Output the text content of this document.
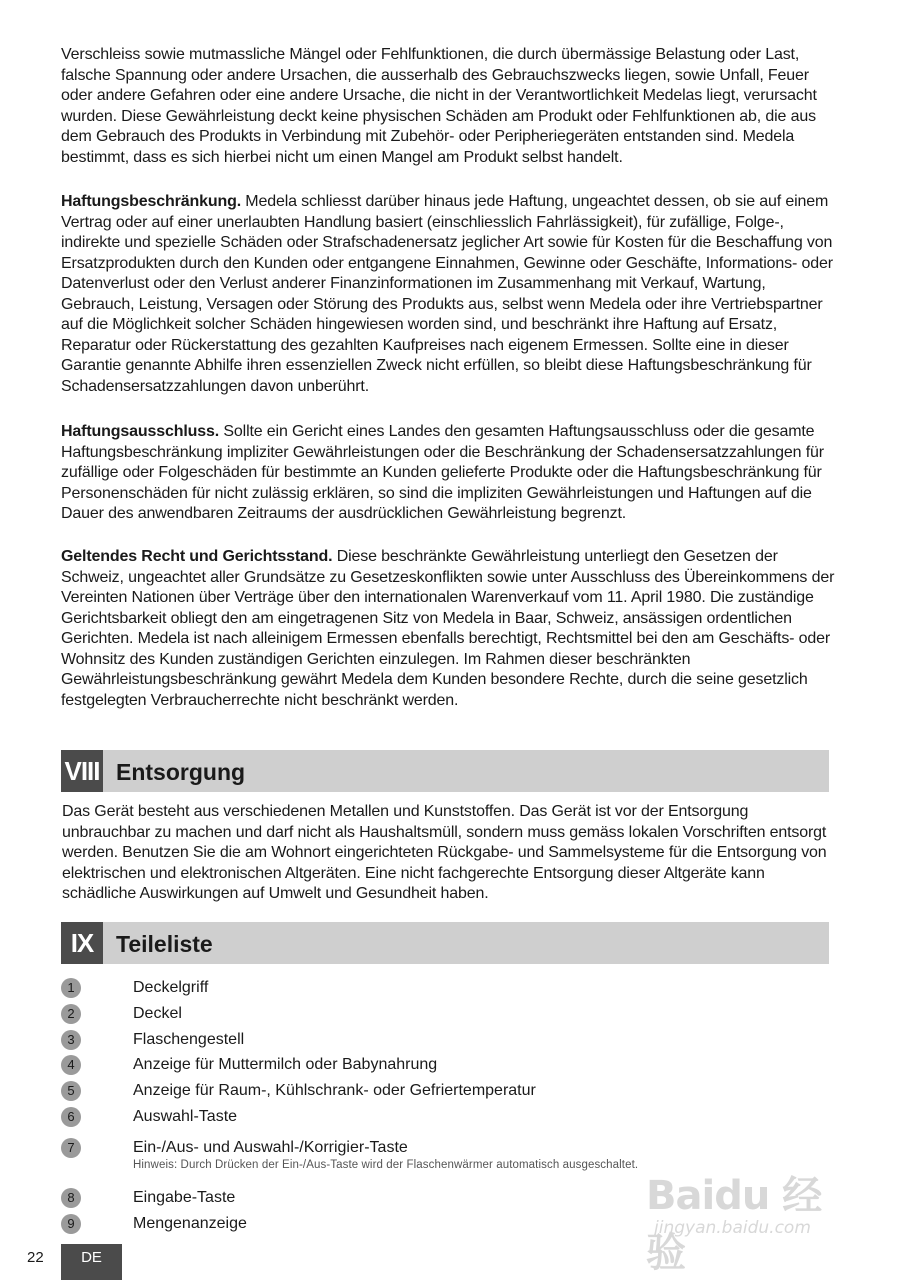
Verschleiss sowie mutmassliche Mängel oder Fehlfunktionen, die durch übermässige Belastung oder Last, falsche Spannung oder andere Ursachen, die ausserhalb des Gebrauchszwecks liegen, sowie Unfall, Feuer oder andere Gefahren oder eine andere Ursache, die nicht in der Verantwortlichkeit Medelas liegt, verursacht wurden. Diese Gewährleistung deckt keine physischen Schäden am Produkt oder Fehlfunktionen ab, die aus dem Gebrauch des Produkts in Verbindung mit Zubehör- oder Peripheriegeräten entstanden sind. Medela bestimmt, dass es sich hierbei nicht um einen Mangel am Produkt selbst handelt.

Haftungsbeschränkung. Medela schliesst darüber hinaus jede Haftung, ungeachtet dessen, ob sie auf einem Vertrag oder auf einer unerlaubten Handlung basiert (einschliesslich Fahrlässigkeit), für zufällige, Folge-, indirekte und spezielle Schäden oder Strafschadenersatz jeglicher Art sowie für Kosten für die Beschaffung von Ersatzprodukten durch den Kunden oder entgangene Einnahmen, Gewinne oder Geschäfte, Informations- oder Datenverlust oder den Verlust anderer Finanzinformationen im Zusammenhang mit Verkauf, Wartung, Gebrauch, Leistung, Versagen oder Störung des Produkts aus, selbst wenn Medela oder ihre Vertriebspartner auf die Möglichkeit solcher Schäden hingewiesen worden sind, und beschränkt ihre Haftung auf Ersatz, Reparatur oder Rückerstattung des gezahlten Kaufpreises nach eigenem Ermessen. Sollte eine in dieser Garantie genannte Abhilfe ihren essenziellen Zweck nicht erfüllen, so bleibt diese Haftungsbeschränkung für Schadensersatzzahlungen davon unberührt.

Haftungsausschluss. Sollte ein Gericht eines Landes den gesamten Haftungsausschluss oder die gesamte Haftungsbeschränkung impliziter Gewährleistungen oder die Beschränkung der Schadensersatzzahlungen für zufällige oder Folgeschäden für bestimmte an Kunden gelieferte Produkte oder die Haftungsbeschränkung für Personenschäden für nicht zulässig erklären, so sind die impliziten Gewährleistungen und Haftungen auf die Dauer des anwendbaren Zeitraums der ausdrücklichen Gewährleistung begrenzt.

Geltendes Recht und Gerichtsstand. Diese beschränkte Gewährleistung unterliegt den Gesetzen der Schweiz, ungeachtet aller Grundsätze zu Gesetzeskonflikten sowie unter Ausschluss des Übereinkommens der Vereinten Nationen über Verträge über den internationalen Warenverkauf vom 11. April 1980. Die zuständige Gerichtsbarkeit obliegt den am eingetragenen Sitz von Medela in Baar, Schweiz, ansässigen ordentlichen Gerichten. Medela ist nach alleinigem Ermessen ebenfalls berechtigt, Rechtsmittel bei den am Geschäfts- oder Wohnsitz des Kunden zuständigen Gerichten einzulegen. Im Rahmen dieser beschränkten Gewährleistungsbeschränkung gewährt Medela dem Kunden besondere Rechte, durch die seine gesetzlich festgelegten Verbraucherrechte nicht beschränkt werden.

VIII Entsorgung

Das Gerät besteht aus verschiedenen Metallen und Kunststoffen. Das Gerät ist vor der Entsorgung unbrauchbar zu machen und darf nicht als Haushaltsmüll, sondern muss gemäss lokalen Vorschriften entsorgt werden. Benutzen Sie die am Wohnort eingerichteten Rückgabe- und Sammelsysteme für die Entsorgung von elektrischen und elektronischen Altgeräten. Eine nicht fachgerechte Entsorgung dieser Altgeräte kann schädliche Auswirkungen auf Umwelt und Gesundheit haben.

IX Teileliste
1	Deckelgriff
2	Deckel
3	Flaschengestell
4	Anzeige für Muttermilch oder Babynahrung
5	Anzeige für Raum-, Kühlschrank- oder Gefriertemperatur
6	Auswahl-Taste
7	Ein-/Aus- und Auswahl-/Korrigier-Taste
Hinweis: Durch Drücken der Ein-/Aus-Taste wird der Flaschenwärmer automatisch ausgeschaltet.
8	Eingabe-Taste
9	Mengenanzeige
22	DE
Baidu 经验
jingyan.baidu.com
